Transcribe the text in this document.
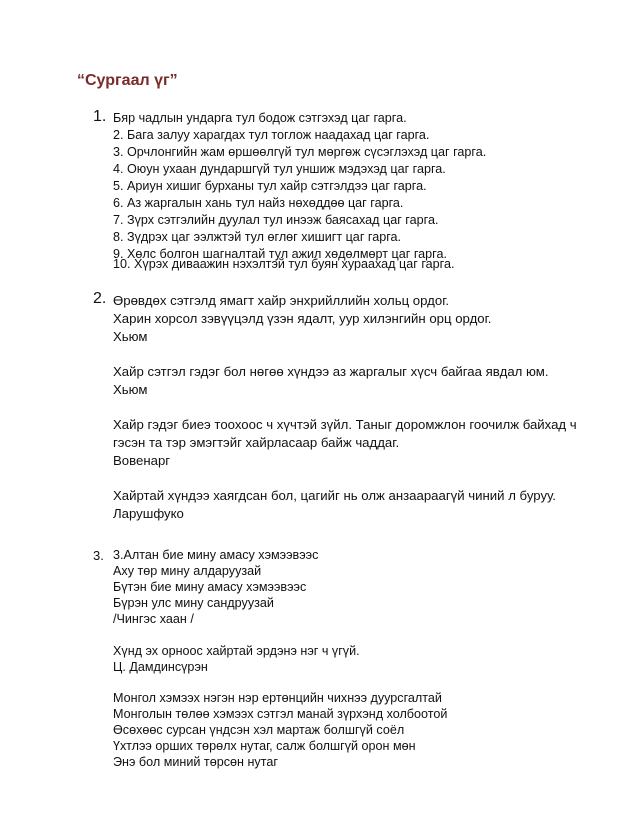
“Сургаал үг”
1. Бяр чадлын ундарга тул бодож сэтгэхэд цаг гарга.
2. Бага залуу харагдах тул тоглож наадахад цаг гарга.
3. Орчлонгийн жам өршөөлгүй тул мөргөж сүсэглэхэд цаг гарга.
4. Оюун ухаан дундаршгүй тул уншиж мэдэхэд цаг гарга.
5. Ариун хишиг бурханы тул хайр сэтгэлдээ цаг гарга.
6. Аз жаргалын хань тул найз нөхөддөө цаг гарга.
7. Зүрх сэтгэлийн дуулал тул инээж баясахад цаг гарга.
8. Зүдрэх цаг ээлжтэй тул өглөг хишигт цаг гарга.
9. Хөлс болгон шагналтай тул ажил хөдөлмөрт цаг гарга.
10. Хүрэх диваажин нэхэлтэй тул буян хураахад цаг гарга.
2. Өрөвдөх сэтгэлд ямагт хайр энхрийллийн хольц ордог.
Харин хорсол зэвүүцэлд үзэн ядалт, уур хилэнгийн орц ордог.
Хьюм
Хайр сэтгэл гэдэг бол нөгөө хүндээ аз жаргалыг хүсч байгаа явдал юм.
Хьюм
Хайр гэдэг биеэ тоохоос ч хүчтэй зүйл. Таныг доромжлон гоочилж байхад ч
гэсэн та тэр эмэгтэйг хайрласаар байж чаддаг.
Вовенарг
Хайртай хүндээ хаягдсан бол, цагийг нь олж анзаараагүй чиний л буруу.
Ларушфуко
3. 3.Алтан бие мину амасу хэмээвээс
Аху төр мину алдаруузай
Бүтэн бие мину амасу хэмээвээс
Бүрэн улс мину сандруузай
/Чингэс хаан /
Хүнд эх орноос хайртай эрдэнэ нэг ч үгүй.
Ц. Дамдинсүрэн
Монгол хэмээх нэгэн нэр ертөнцийн чихнээ дуурсгалтай
Монголын төлөө хэмээх сэтгэл манай зүрхэнд холбоотой
Өсөхөөс сурсан үндсэн хэл мартаж болшгүй соёл
Үхтлээ орших төрөлх нутаг, салж болшгүй орон мөн
Энэ бол миний төрсөн нутаг
